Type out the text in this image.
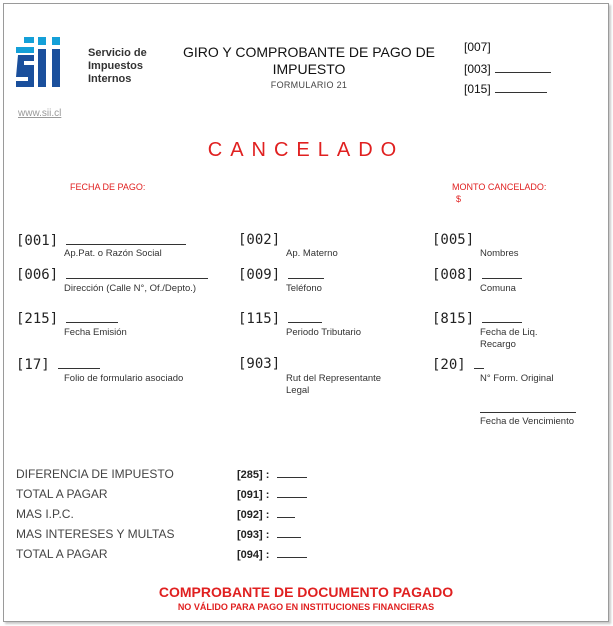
Servicio de
Impuestos
Internos
www.sii.cl
GIRO Y COMPROBANTE DE PAGO DE IMPUESTO
FORMULARIO 21
[007]
[003]
[015]
CANCELADO
FECHA DE PAGO:	MONTO CANCELADO:
$
[001]
Ap.Pat. o Razón Social
[002]
Ap. Materno
[005]
Nombres
[006]
Dirección (Calle N°, Of./Depto.)
[009]
Teléfono
[008]
Comuna
[215]
Fecha Emisión
[115]
Periodo Tributario
[815]
Fecha de Liq. Recargo
[17]
Folio de formulario asociado
[903]
Rut del Representante Legal
[20]
N° Form. Original
Fecha de Vencimiento
DIFERENCIA DE IMPUESTO	[285] :
TOTAL A PAGAR	[091] :
MAS I.P.C.	[092] :
MAS INTERESES Y MULTAS	[093] :
TOTAL A PAGAR	[094] :
COMPROBANTE DE DOCUMENTO PAGADO
NO VÁLIDO PARA PAGO EN INSTITUCIONES FINANCIERAS
